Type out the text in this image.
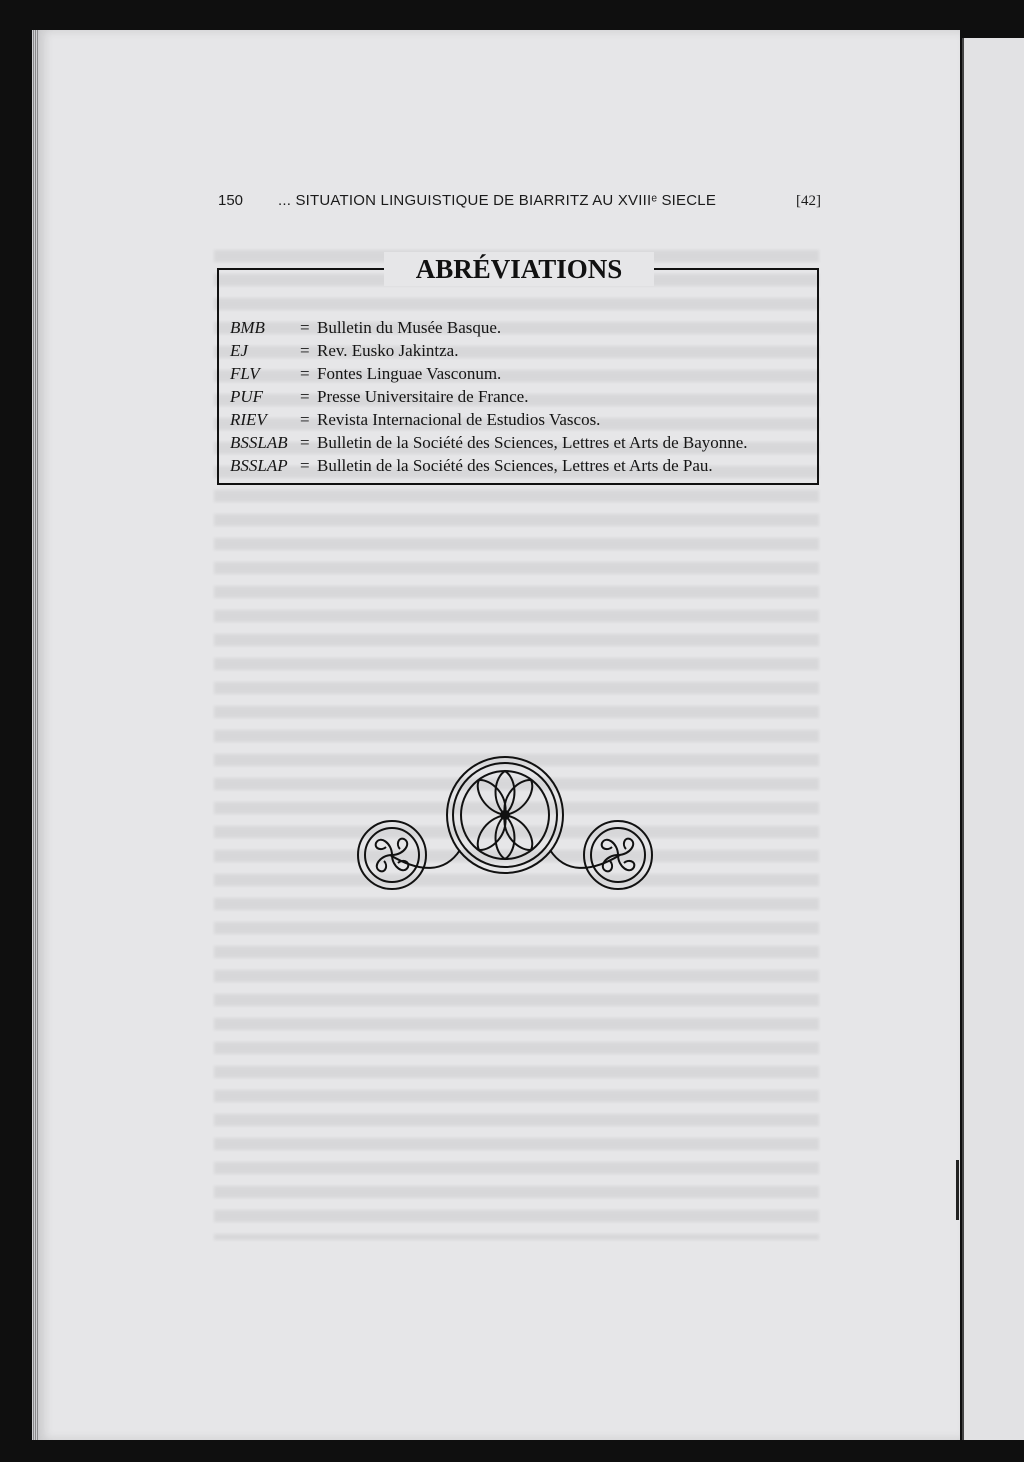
150	... SITUATION LINGUISTIQUE DE BIARRITZ AU XVIIIᵉ SIECLE	[42]
ABRÉVIATIONS
BMB	= Bulletin du Musée Basque.
EJ	= Rev. Eusko Jakintza.
FLV	= Fontes Linguae Vasconum.
PUF	= Presse Universitaire de France.
RIEV	= Revista Internacional de Estudios Vascos.
BSSLAB = Bulletin de la Société des Sciences, Lettres et Arts de Bayonne.
BSSLAP = Bulletin de la Société des Sciences, Lettres et Arts de Pau.
